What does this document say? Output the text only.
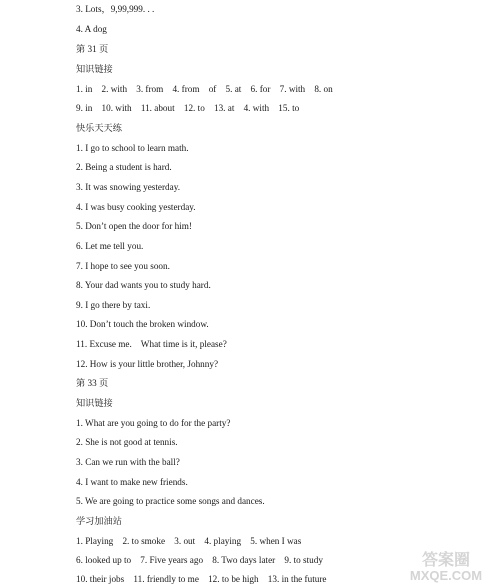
3. Lots，9,99,999. . .
4. A dog
第 31 页
知识链接
1. in    2. with    3. from    4. from    of    5. at    6. for    7. with    8. on
9. in    10. with    11. about    12. to    13. at    4. with    15. to
快乐天天练
1. I go to school to learn math.
2. Being a student is hard.
3. It was snowing yesterday.
4. I was busy cooking yesterday.
5. Don’t open the door for him!
6. Let me tell you.
7. I hope to see you soon.
8. Your dad wants you to study hard.
9. I go there by taxi.
10. Don’t touch the broken window.
11. Excuse me.    What time is it, please?
12. How is your little brother, Johnny?
第 33 页
知识链接
1. What are you going to do for the party?
2. She is not good at tennis.
3. Can we run with the ball?
4. I want to make new friends.
5. We are going to practice some songs and dances.
学习加油站
1. Playing    2. to smoke    3. out    4. playing    5. when I was
6. looked up to    7. Five years ago    8. Two days later    9. to study
10. their jobs    11. friendly to me    12. to be high    13. in the future
答案圈
MXQE.COM
